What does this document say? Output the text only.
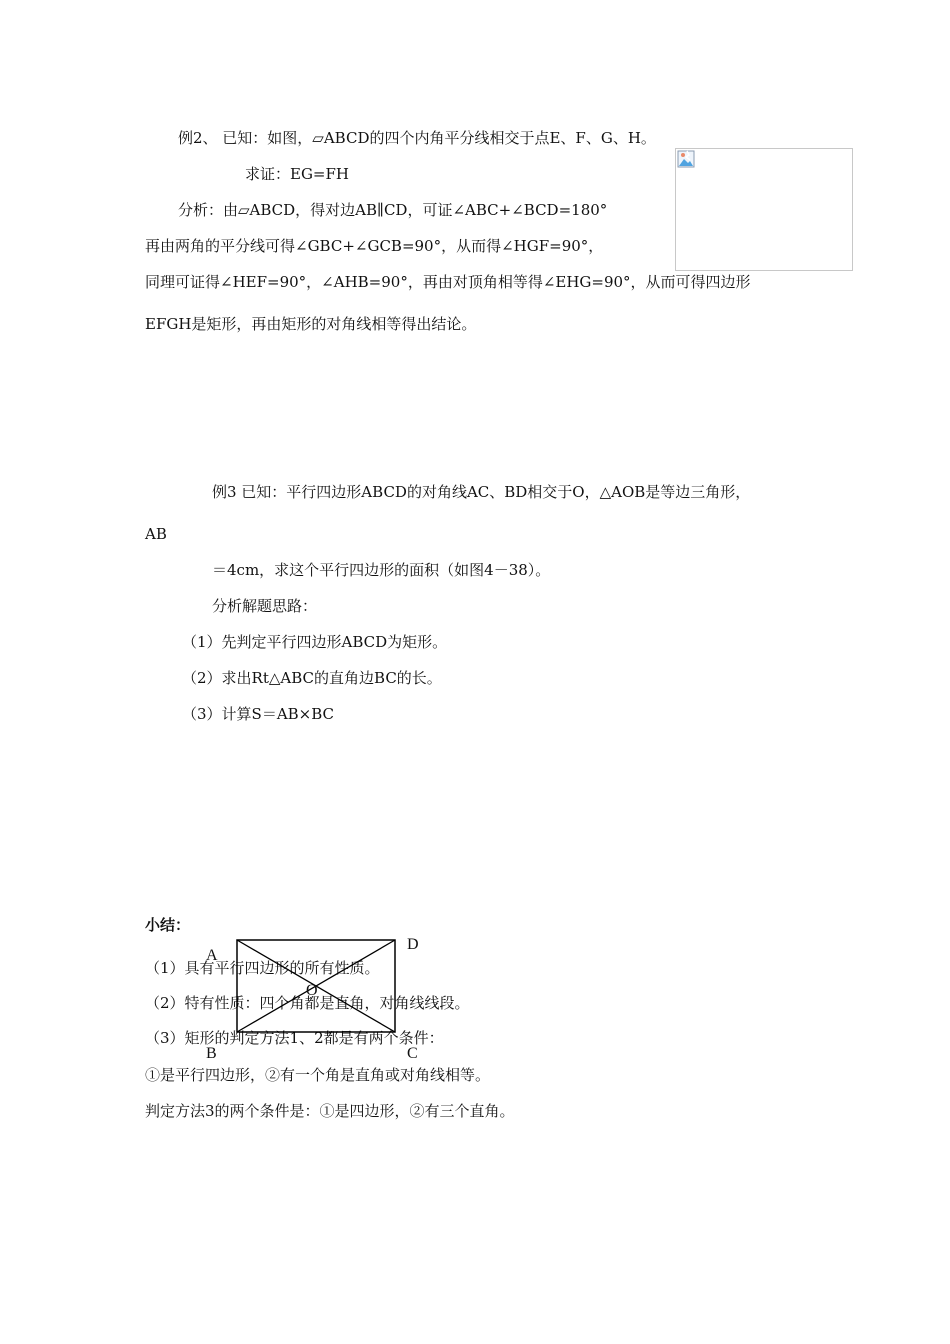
例2、 已知：如图，▱ABCD的四个内角平分线相交于点E、F、G、H。
求证：EG=FH
分析：由▱ABCD，得对边AB∥CD，可证∠ABC+∠BCD=180°
再由两角的平分线可得∠GBC+∠GCB=90°，从而得∠HGF=90°，
同理可证得∠HEF=90°，∠AHB=90°，再由对顶角相等得∠EHG=90°，从而可得四边形
EFGH是矩形，再由矩形的对角线相等得出结论。
例3 已知：平行四边形ABCD的对角线AC、BD相交于O，△AOB是等边三角形，
AB
＝4cm，求这个平行四边形的面积（如图4－38）。
分析解题思路：
（1）先判定平行四边形ABCD为矩形。
（2）求出Rt△ABC的直角边BC的长。
（3）计算S＝AB×BC
小结：
（1）具有平行四边形的所有性质。
（2）特有性质：四个角都是直角，对角线线段。
（3）矩形的判定方法1、2都是有两个条件：
①是平行四边形，②有一个角是直角或对角线相等。
判定方法3的两个条件是：①是四边形，②有三个直角。
A
D
B	C
O
